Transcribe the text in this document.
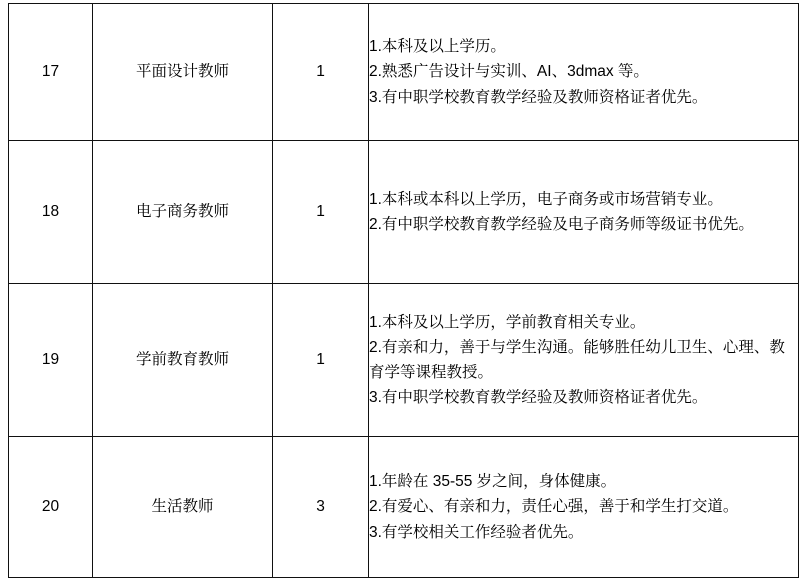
17	平面设计教师	1	1.本科及以上学历。
2.熟悉广告设计与实训、AI、3dmax 等。
3.有中职学校教育教学经验及教师资格证者优先。

18	电子商务教师	1	1.本科或本科以上学历，电子商务或市场营销专业。
2.有中职学校教育教学经验及电子商务师等级证书优先。

19	学前教育教师	1	1.本科及以上学历，学前教育相关专业。
2.有亲和力，善于与学生沟通。能够胜任幼儿卫生、心理、教育学等课程教授。
3.有中职学校教育教学经验及教师资格证者优先。

20	生活教师	3	1.年龄在 35-55 岁之间，身体健康。
2.有爱心、有亲和力，责任心强，善于和学生打交道。
3.有学校相关工作经验者优先。
